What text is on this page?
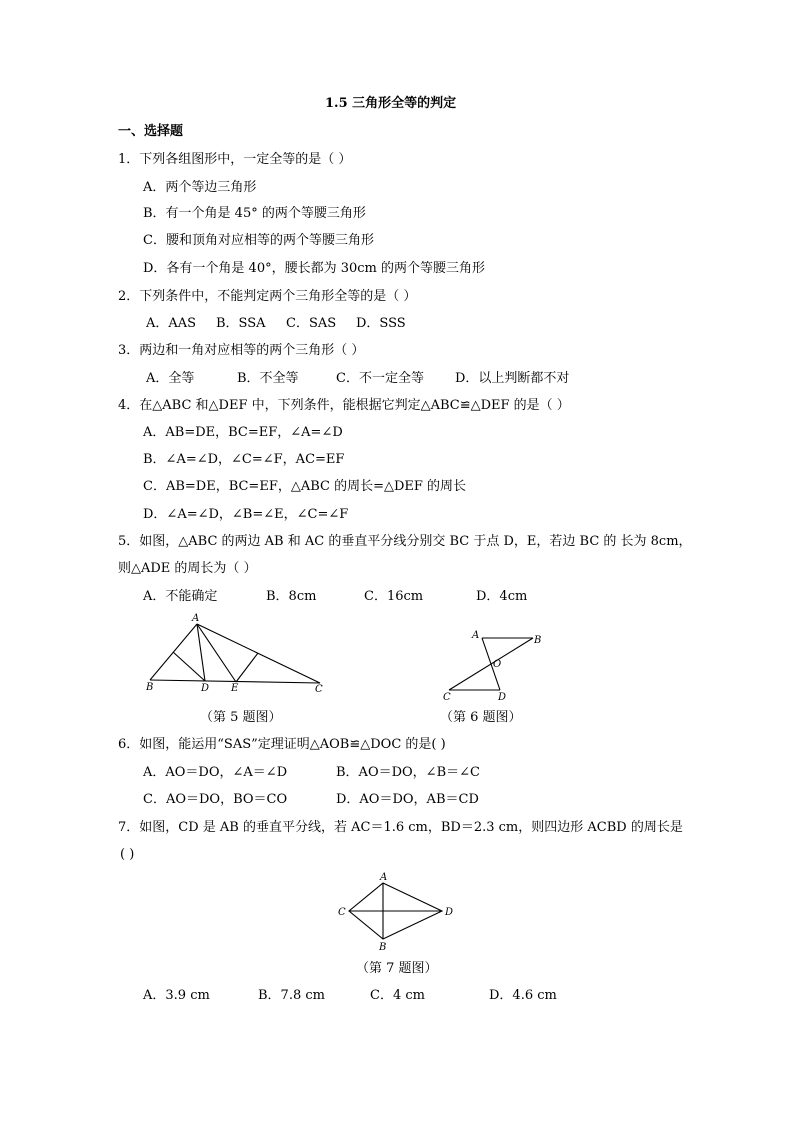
1.5 三角形全等的判定
一、选择题
1．下列各组图形中，一定全等的是（ ）
A．两个等边三角形
B．有一个角是 45° 的两个等腰三角形
C．腰和顶角对应相等的两个等腰三角形
D．各有一个角是 40°，腰长都为 30cm 的两个等腰三角形
2．下列条件中，不能判定两个三角形全等的是（ ）
A．AAS B．SSA C．SAS D．SSS
3．两边和一角对应相等的两个三角形（ ）
A．全等	B．不全等	C．不一定全等 D．以上判断都不对
4．在△ABC 和△DEF 中，下列条件，能根据它判定△ABC≌△DEF 的是（ ）
A．AB=DE，BC=EF，∠A=∠D
B．∠A=∠D，∠C=∠F，AC=EF
C．AB=DE，BC=EF，△ABC 的周长=△DEF 的周长
D．∠A=∠D，∠B=∠E，∠C=∠F
5．如图，△ABC 的两边 AB 和 AC 的垂直平分线分别交 BC 于点 D，E，若边 BC 的 长为 8cm，
则△ADE 的周长为（ ）
A．不能确定	B．8cm	C．16cm	D．4cm
A
B	D E	C
（第 5 题图）
A	B
O
C	D
（第 6 题图）
6．如图，能运用“SAS”定理证明△AOB≌△DOC 的是( )
A．AO＝DO，∠A＝∠D	B．AO＝DO，∠B＝∠C
C．AO＝DO，BO＝CO	D．AO＝DO，AB＝CD
7．如图，CD 是 AB 的垂直平分线，若 AC＝1.6 cm，BD＝2.3 cm，则四边形 ACBD 的周长是
( )
A
C	D
B
（第 7 题图）
A．3.9 cm	B．7.8 cm	C．4 cm	D．4.6 cm
